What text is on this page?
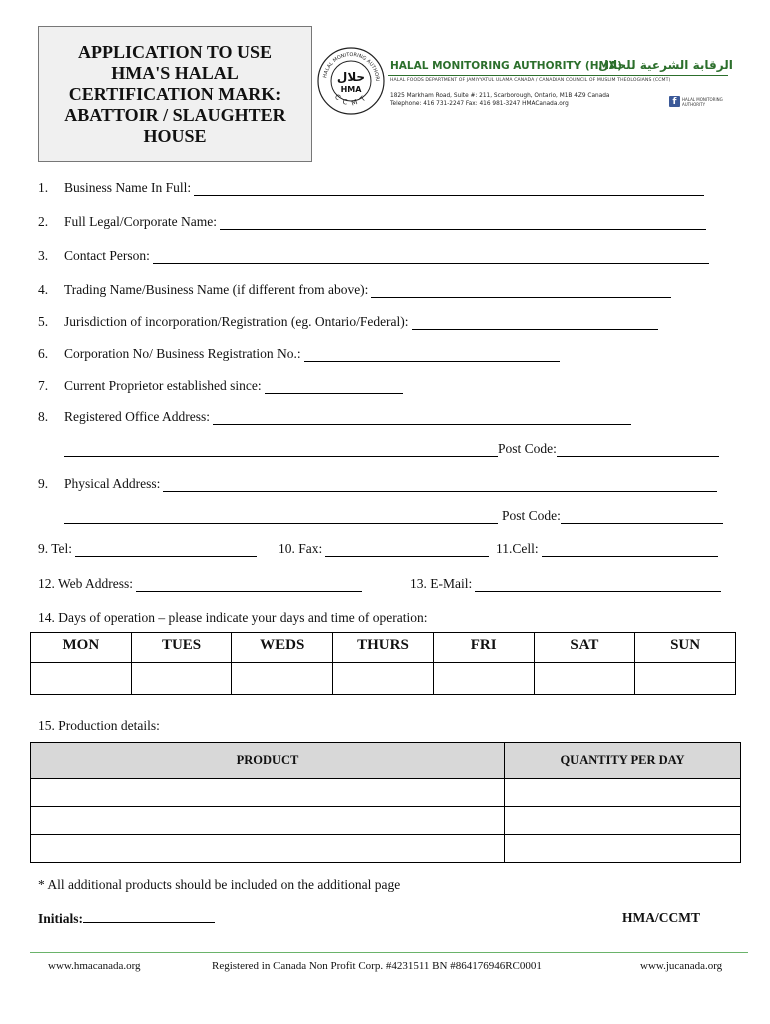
APPLICATION TO USE
HMA'S HALAL
CERTIFICATION MARK:
ABATTOIR / SLAUGHTER
HOUSE
HALAL MONITORING AUTHORI
CCMT
حلال
HMA
HALAL MONITORING AUTHORITY (HMA)
الرقابة الشرعية للحلال
HALAL FOODS DEPARTMENT OF JAMIYYATUL ULAMA CANADA / CANADIAN COUNCIL OF MUSLIM THEOLOGIANS (CCMT)
1825 Markham Road, Suite #: 211, Scarborough, Ontario, M1B 4Z9 Canada
Telephone: 416 731-2247 Fax: 416 981-3247 HMACanada.org	f	HALAL MONITORING AUTHORITY
1. Business Name In Full:
2. Full Legal/Corporate Name:
3. Contact Person:
4. Trading Name/Business Name (if different from above):
5. Jurisdiction of incorporation/Registration (eg. Ontario/Federal):
6. Corporation No/ Business Registration No.:
7. Current Proprietor established since:
8. Registered Office Address:
Post Code:
9. Physical Address:
Post Code:
9. Tel:	10. Fax:	11.Cell:
12. Web Address:	13. E-Mail:
14. Days of operation – please indicate your days and time of operation:
MON	TUES	WEDS	THURS	FRI	SAT	SUN

15. Production details:
PRODUCT	QUANTITY PER DAY

* All additional products should be included on the additional page
Initials:	HMA/CCMT
www.hmacanada.org	Registered in Canada Non Profit Corp. #4231511 BN #864176946RC0001	www.jucanada.org
